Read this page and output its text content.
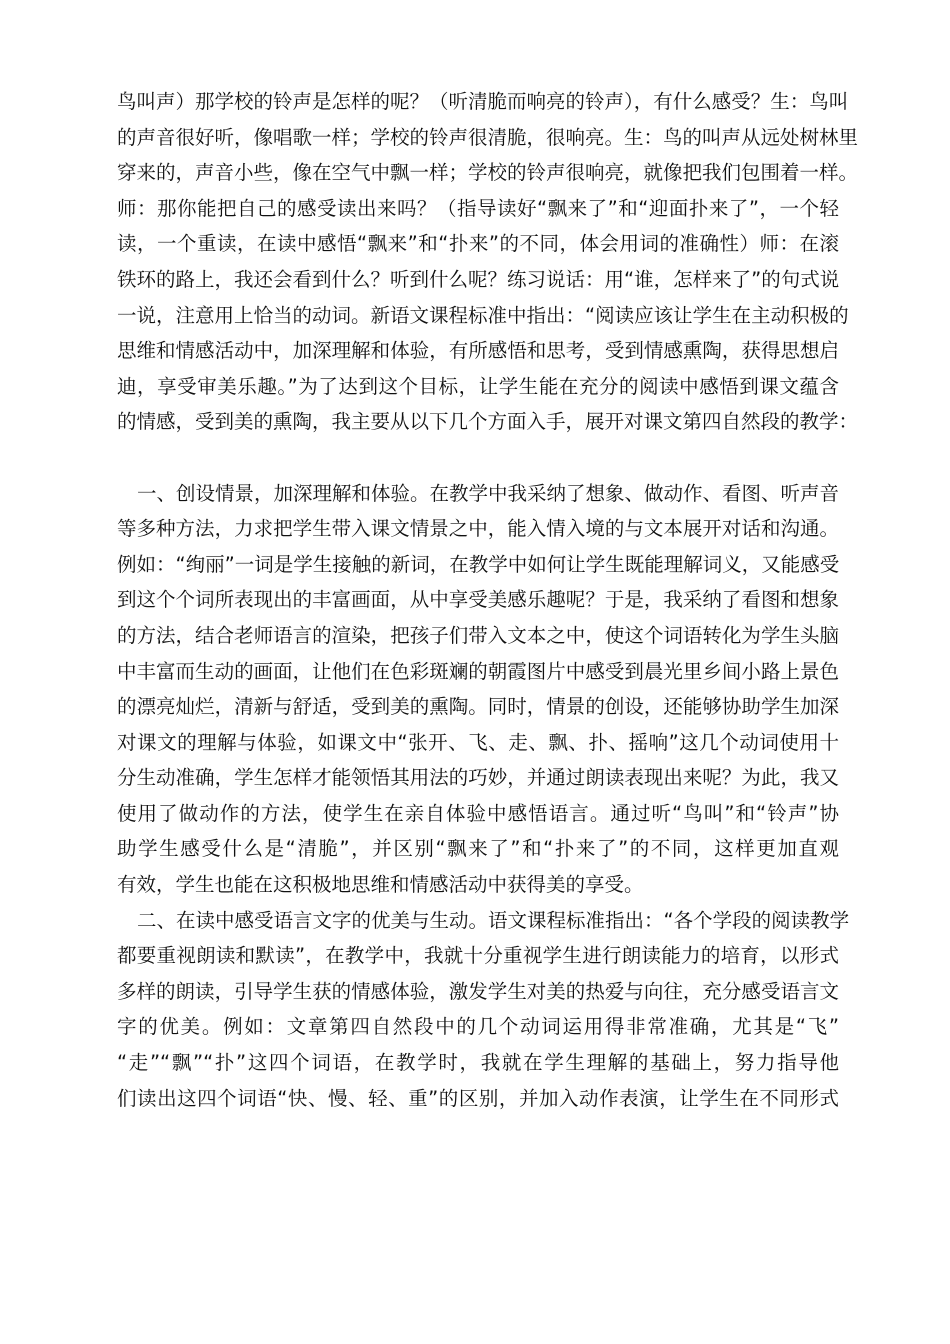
鸟叫声）那学校的铃声是怎样的呢？（听清脆而响亮的铃声），有什么感受？生：鸟叫
的声音很好听，像唱歌一样；学校的铃声很清脆，很响亮。生：鸟的叫声从远处树林里
穿来的，声音小些，像在空气中飘一样；学校的铃声很响亮，就像把我们包围着一样。
师：那你能把自己的感受读出来吗？（指导读好“飘来了”和“迎面扑来了”，一个轻
读，一个重读，在读中感悟“飘来”和“扑来”的不同，体会用词的准确性）师：在滚
铁环的路上，我还会看到什么？听到什么呢？练习说话：用“谁，怎样来了”的句式说
一说，注意用上恰当的动词。新语文课程标准中指出：“阅读应该让学生在主动积极的
思维和情感活动中，加深理解和体验，有所感悟和思考，受到情感熏陶，获得思想启
迪，享受审美乐趣。”为了达到这个目标，让学生能在充分的阅读中感悟到课文蕴含
的情感，受到美的熏陶，我主要从以下几个方面入手，展开对课文第四自然段的教学：
一、创设情景，加深理解和体验。在教学中我采纳了想象、做动作、看图、听声音
等多种方法，力求把学生带入课文情景之中，能入情入境的与文本展开对话和沟通。
例如：“绚丽”一词是学生接触的新词，在教学中如何让学生既能理解词义，又能感受
到这个个词所表现出的丰富画面，从中享受美感乐趣呢？于是，我采纳了看图和想象
的方法，结合老师语言的渲染，把孩子们带入文本之中，使这个词语转化为学生头脑
中丰富而生动的画面，让他们在色彩斑斓的朝霞图片中感受到晨光里乡间小路上景色
的漂亮灿烂，清新与舒适，受到美的熏陶。同时，情景的创设，还能够协助学生加深
对课文的理解与体验，如课文中“张开、飞、走、飘、扑、摇响”这几个动词使用十
分生动准确，学生怎样才能领悟其用法的巧妙，并通过朗读表现出来呢？为此，我又
使用了做动作的方法，使学生在亲自体验中感悟语言。通过听“鸟叫”和“铃声”协
助学生感受什么是“清脆”，并区别“飘来了”和“扑来了”的不同，这样更加直观
有效，学生也能在这积极地思维和情感活动中获得美的享受。
二、在读中感受语言文字的优美与生动。语文课程标准指出：“各个学段的阅读教学
都要重视朗读和默读”，在教学中，我就十分重视学生进行朗读能力的培育，以形式
多样的朗读，引导学生获的情感体验，激发学生对美的热爱与向往，充分感受语言文
字的优美。例如：文章第四自然段中的几个动词运用得非常准确，尤其是“飞”
“走”“飘”“扑”这四个词语，在教学时，我就在学生理解的基础上，努力指导他
们读出这四个词语“快、慢、轻、重”的区别，并加入动作表演，让学生在不同形式
